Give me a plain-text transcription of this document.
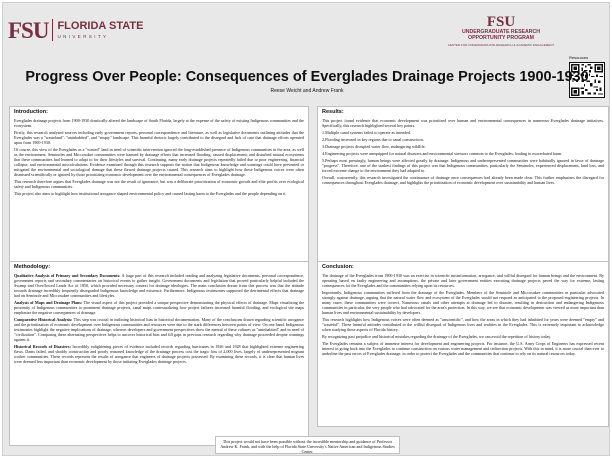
FSU FLORIDA STATE
UNIVERSITY
FSU
UNDERGRADUATE RESEARCH
OPPORTUNITY PROGRAM
CENTER FOR UNDERGRADUATE RESEARCH & ACADEMIC ENGAGEMENT
Resources
Progress Over People: Consequences of Everglades Drainage Projects 1900-1930
Reese Weicht and Andrew Frank
Introduction:

Everglades drainage projects from 1900-1930 drastically altered the landscape of South Florida, largely at the expense of the safety of existing Indigenous communities and the ecosystem.

Firstly, this research analyzed sources including early government reports, personal correspondence and literature, as well as legislative documents outlining attitudes that the Everglades was a "wasteland", "uninhabited", and "empty" landscape. This harmful rhetoric largely contributed to the disregard and lack of care that drainage efforts operated upon from 1900-1930.

Of course, this view of the Everglades as a "wasted" land in need of scientific intervention ignored the long-established presence of Indigenous communities in the area, as well as the environment. Seminoles and Miccosukee communities were harmed by drainage efforts that increased flooding, caused displacement, and disturbed natural ecosystems that these communities had learned to adapt to for their lifestyles and survival. Continuing, many early drainage projects repeatedly failed due to poor engineering, financial collapse, and environmental miscalculations. Evidence examined through this research supports the notion that Indigenous knowledge and warnings could have prevented or mitigated the environmental and sociological damage that these flawed drainage projects caused. This research aims to highlight how these Indigenous voices were often dismissed scientifically or ignored by those prioritizing economic development over the environmental consequences of Everglades drainage.

This research therefore argues that Everglades drainage was not the result of ignorance, but was a deliberate prioritization of economic growth and elite profits over ecological safety and Indigenous communities.

This project also aims to highlight how institutional arrogance shaped environmental policy and caused lasting harm to the Everglades and the people depending on it.

Results:

This project found evidence that economic development was prioritized over human and environmental consequences in numerous Everglades drainage initiatives. Specifically, this research highlighted several key points.

1.Multiple canal systems failed to operate as intended.

2.Flooding increased in key regions due to canal construction.

3.Drainage projects disrupted water flow, endangering wildlife.

4.Engineering projects were unequipped for natural disasters and environmental stressors common to the Everglades, leading to exacerbated harm.

5.Perhaps most pressingly, human beings were affected greatly by drainage. Indigenous and underrepresented communities were habitually ignored in favor of drainage "progress". Therefore, one of the starkest findings of this project was that Indigenous communities, particularly the Seminoles, experienced displacement, land loss, and forced extreme change to the environment they had adapted to.

Overall, concurrently, this research investigated the continuance of drainage once consequences had already been made clear. This further emphasizes the disregard for consequences throughout Everglades drainage, and highlights the prioritization of economic development over sustainability and human lives.

Methodology:

Qualitative Analysis of Primary and Secondary Documents: A large part of this research included reading and analyzing legislative documents, personal correspondence, government reports and secondary commentaries on historical events to gather insight. Government documents and legislation that proved particularly helpful included the Swamp and Overflowed Lands Act of 1850, which provided necessary context for drainage ideologies. The main conclusion drawn from this process was that the attitude towards drainage incredibly frequently disregarded Indigenous knowledge and existence. Furthermore, Indigenous testimonies supported the detrimental effects that drainage had on Seminole and Miccosukee communities and lifestyles.

Analysis of Maps and Drainage Plans: The visual aspect of this project provided a unique perspective demonstrating the physical effects of drainage. Maps visualizing the proximity of Indigenous communities to prominent drainage projects, canal maps contextualizing how project failures increased harmful flooding, and ecological site maps emphasize the negative consequences of drainage.

Comparative Historical Analysis: This step was crucial in outlining historical bias in historical documentation. Many of the conclusions drawn regarding scientific arrogance and the prioritization of economic development over Indigenous communities and resources were due to the stark differences between points of view. On one hand, Indigenous testimonies highlight the negative implications of drainage, whereas developers and government perspectives show the mental of these cultures as "uninhabited" and in need of "civilization". Comparing these alternating perspectives helps to uncover historical bias and fill gaps in previous research regarding why drainage proceeded despite warnings against it.

Historical Records of Disasters: Incredibly enlightening pieces of evidence included records regarding hurricanes in 1926 and 1928 that highlighted extreme engineering flaws. Dams failed, and shoddy construction and poorly reasoned knowledge of the drainage process cost the tragic loss of 2,000 lives, largely of underrepresented migrant worker communities. These records represent the results of arrogance that engineers of drainage projects possessed. By examining these records, it is clear that human lives were deemed less important than economic development by those initiating Everglades drainage projects.

Conclusion:

The drainage of the Everglades from 1900-1930 was an exercise in scientific misinformation, arrogance, and willful disregard for human beings and the environment. By operating based on faulty engineering and assumptions, the private and later government entities executing drainage projects paved the way for extreme, lasting consequences for the Everglades and the communities relying upon its resources.

Importantly, Indigenous communities suffered from the drainage of the Everglades. Members of the Seminole and Miccosukee communities in particular advocated strongly against drainage, arguing that the natural water flow and ecosystem of the Everglades would not respond as anticipated to the proposed engineering projects. In many cases, these communities were correct. Numerous canals and other attempts at drainage led to disaster, resulting in destruction and endangering Indigenous communities in particular, the very people who had advocated for the area's protection. In this way, we see that economic development was viewed as more important than human lives and environmental sustainability by developers.

This research highlights how Indigenous voices were often deemed as "unscientific", and how the areas in which they had inhabited for years were deemed "empty" and "wasteful". These harmful attitudes contributed to the willful disregard of Indigenous lives and realities in the Everglades. This is extremely important to acknowledge when studying these aspects of Florida history.

By recognizing past prejudice and historical mistakes regarding the drainage of the Everglades, we can avoid the repetition of history today.

The Everglades remains a subject of immense interest for development and engineering projects. For instance, the U.S. Army Corps of Engineers has expressed recent interest in going back into the Everglades to continue construction on various water management and redirection projects. With this in mind, it is more crucial than ever to underline the past errors of Everglades drainage, in order to protect the Everglades and the communities that continue to rely on its natural resources today.

This project would not have been possible without the incredible mentorship and guidance of Professor Andrew K. Frank, and with the help of Florida State University's Native American and Indigenous Studies Center.
